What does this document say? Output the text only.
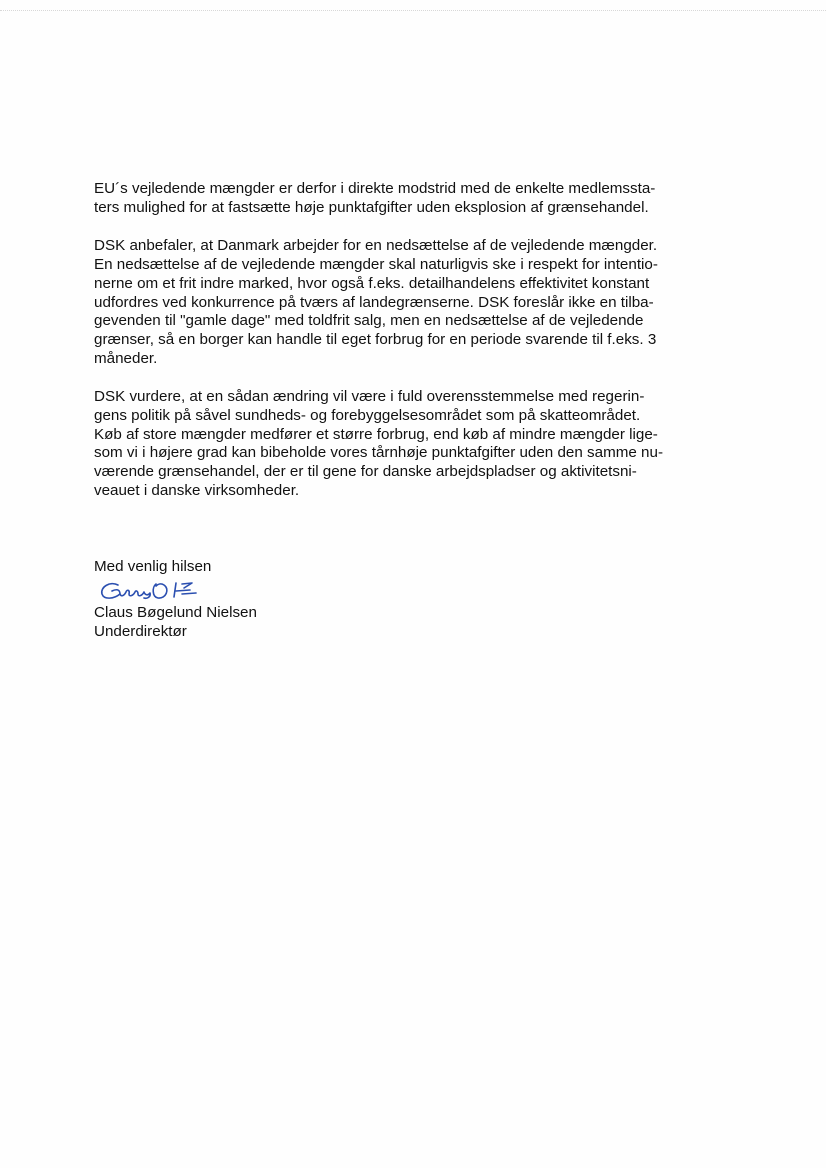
EU´s vejledende mængder er derfor i direkte modstrid med de enkelte medlemssta-
ters mulighed for at fastsætte høje punktafgifter uden eksplosion af grænsehandel.

DSK anbefaler, at Danmark arbejder for en nedsættelse af de vejledende mængder.
En nedsættelse af de vejledende mængder skal naturligvis ske i respekt for intentio-
nerne om et frit indre marked, hvor også f.eks. detailhandelens effektivitet konstant
udfordres ved konkurrence på tværs af landegrænserne. DSK foreslår ikke en tilba-
gevenden til "gamle dage" med toldfrit salg, men en nedsættelse af de vejledende
grænser, så en borger kan handle til eget forbrug for en periode svarende til f.eks. 3
måneder.

DSK vurdere, at en sådan ændring vil være i fuld overensstemmelse med regerin-
gens politik på såvel sundheds- og forebyggelsesområdet som på skatteområdet.
Køb af store mængder medfører et større forbrug, end køb af mindre mængder lige-
som vi i højere grad kan bibeholde vores tårnhøje punktafgifter uden den samme nu-
værende grænsehandel, der er til gene for danske arbejdspladser og aktivitetsni-
veauet i danske virksomheder.

Med venlig hilsen
Claus Bøgelund Nielsen
Underdirektør
